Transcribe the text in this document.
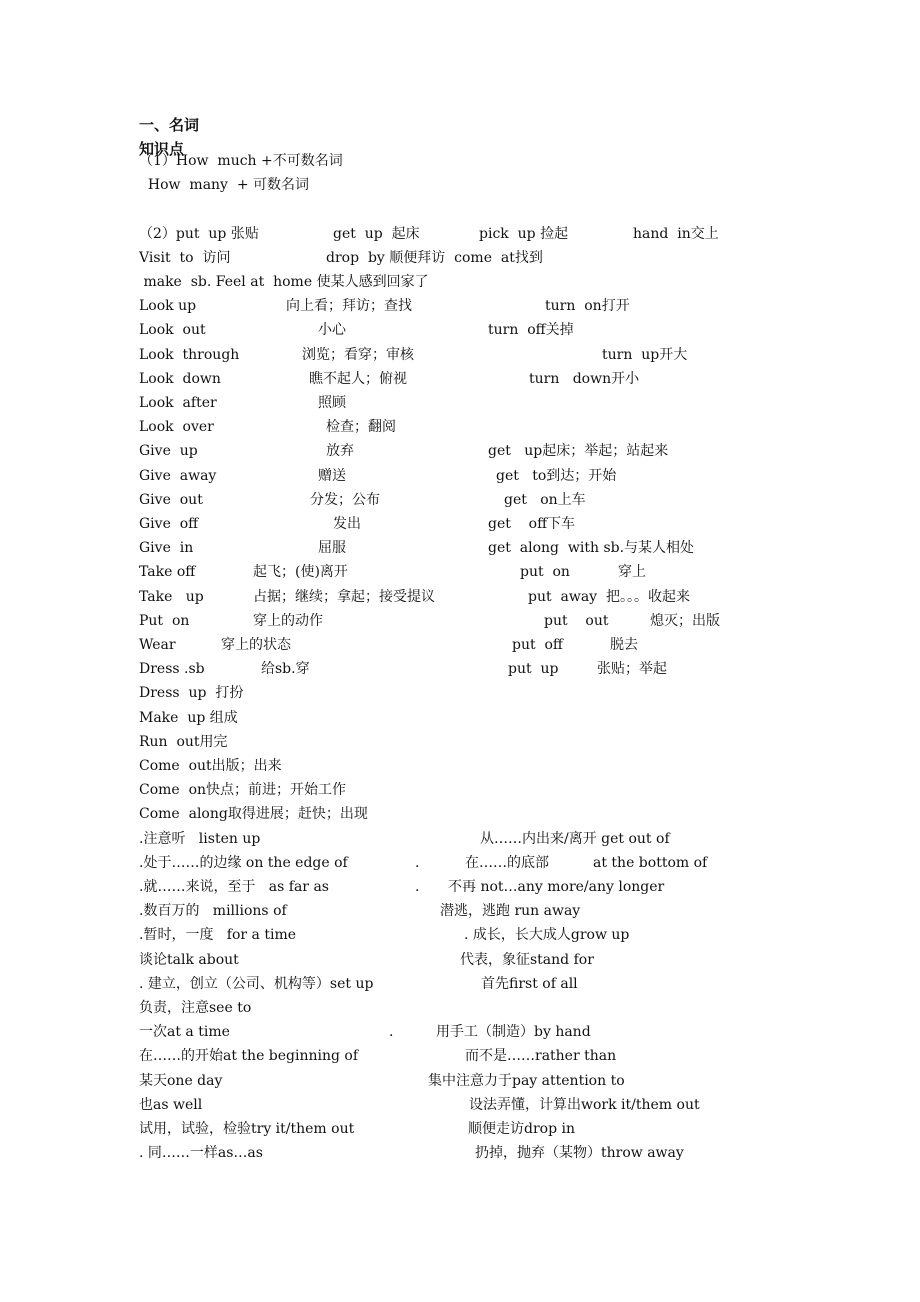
一、名词
知识点
（1）How  much +不可数名词
How  many  + 可数名词
（2）put  up 张贴	get  up  起床	pick  up 捡起	hand  in交上
Visit  to  访问	drop  by 顺便拜访  come  at找到
make  sb. Feel at  home 使某人感到回家了
Look up	向上看；拜访；查找	turn  on打开
Look  out	小心	turn  off关掉
Look  through	浏览；看穿；审核	turn  up开大
Look  down	瞧不起人；俯视	turn   down开小
Look  after	照顾
Look  over	检查；翻阅
Give  up	放弃	get   up起床；举起；站起来
Give  away	赠送	get   to到达；开始
Give  out	分发；公布	get   on上车
Give  off	发出	get    off下车
Give  in	屈服	get  along  with sb.与某人相处
Take off	起飞；(使)离开	put  on	穿上
Take   up	占据；继续；拿起；接受提议	put  away  把。。。收起来
Put  on	穿上的动作	put    out	熄灭；出版
Wear	穿上的状态	put  off	脱去
Dress .sb	给sb.穿	put  up	张贴；举起
Dress  up  打扮
Make  up 组成
Run  out用完
Come  out出版；出来
Come  on快点；前进；开始工作
Come  along取得进展；赶快；出现
.注意听   listen up	从……内出来/离开 get out of
.处于……的边缘 on the edge of	.	在……的底部	at the bottom of
.就……来说，至于   as far as	. 不再 not…any more/any longer
.数百万的   millions of	潜逃，逃跑 run away
.暂时，一度   for a time	. 成长，长大成人grow up
谈论talk about	代表，象征stand for
. 建立，创立（公司、机构等）set up	首先first of all
负责，注意see to
一次at a time	.	用手工（制造）by hand
在……的开始at the beginning of	而不是……rather than
某天one day	集中注意力于pay attention to
也as well	设法弄懂，计算出work it/them out
试用，试验，检验try it/them out	顺便走访drop in
. 同……一样as…as	扔掉，抛弃（某物）throw away
